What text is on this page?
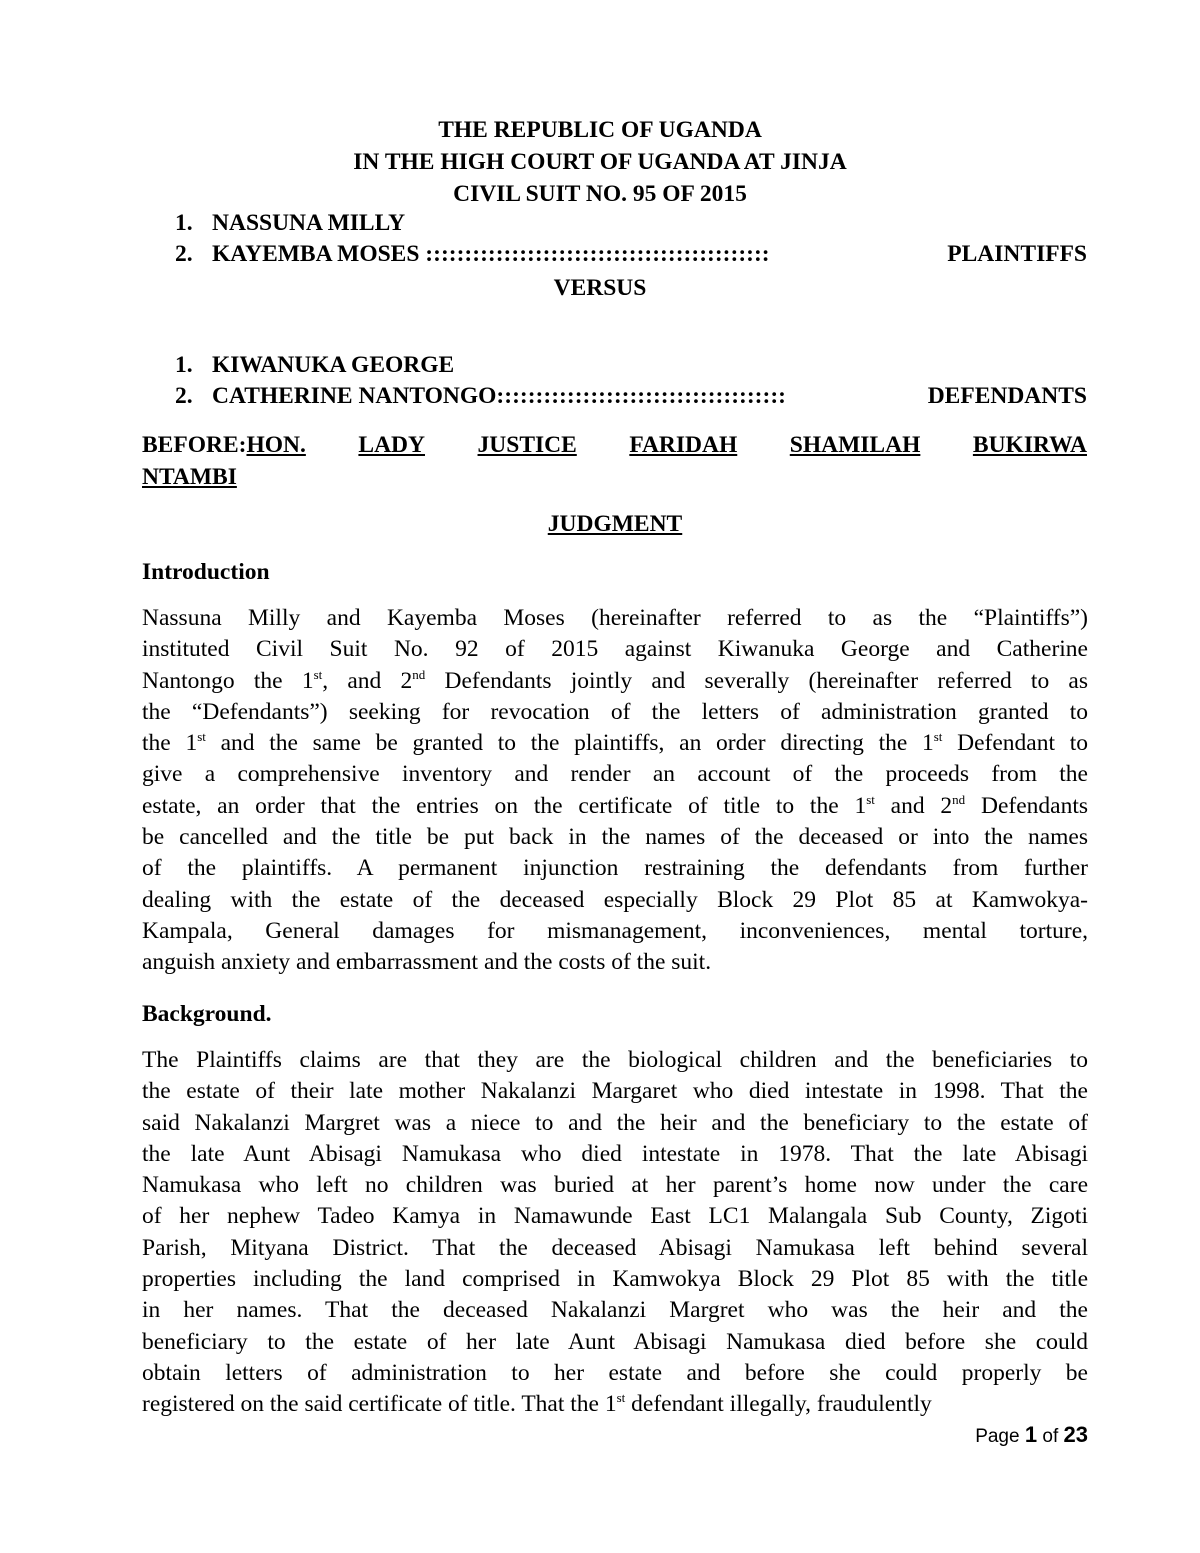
THE REPUBLIC OF UGANDA
IN THE HIGH COURT OF UGANDA AT JINJA
CIVIL SUIT NO. 95 OF 2015
1. NASSUNA MILLY
2. KAYEMBA MOSES ::::::::::::::::::::::::::::::::::::::::::::	PLAINTIFFS
VERSUS
1. KIWANUKA GEORGE
2. CATHERINE NANTONGO:::::::::::::::::::::::::::::::::::::	DEFENDANTS
BEFORE:HON. LADY JUSTICE FARIDAH SHAMILAH BUKIRWA
NTAMBI
JUDGMENT
Introduction
Nassuna Milly and Kayemba Moses (hereinafter referred to as the “Plaintiffs”)
instituted Civil Suit No. 92 of 2015 against Kiwanuka George and Catherine
Nantongo the 1st, and 2nd Defendants jointly and severally (hereinafter referred to as
the “Defendants”) seeking for revocation of the letters of administration granted to
the 1st and the same be granted to the plaintiffs, an order directing the 1st Defendant to
give a comprehensive inventory and render an account of the proceeds from the
estate, an order that the entries on the certificate of title to the 1st and 2nd Defendants
be cancelled and the title be put back in the names of the deceased or into the names
of the plaintiffs. A permanent injunction restraining the defendants from further
dealing with the estate of the deceased especially Block 29 Plot 85 at Kamwokya-
Kampala, General damages for mismanagement, inconveniences, mental torture,
anguish anxiety and embarrassment and the costs of the suit.
Background.
The Plaintiffs claims are that they are the biological children and the beneficiaries to
the estate of their late mother Nakalanzi Margaret who died intestate in 1998. That the
said Nakalanzi Margret was a niece to and the heir and the beneficiary to the estate of
the late Aunt Abisagi Namukasa who died intestate in 1978. That the late Abisagi
Namukasa who left no children was buried at her parent’s home now under the care
of her nephew Tadeo Kamya in Namawunde East LC1 Malangala Sub County, Zigoti
Parish, Mityana District. That the deceased Abisagi Namukasa left behind several
properties including the land comprised in Kamwokya Block 29 Plot 85 with the title
in her names. That the deceased Nakalanzi Margret who was the heir and the
beneficiary to the estate of her late Aunt Abisagi Namukasa died before she could
obtain letters of administration to her estate and before she could properly be
registered on the said certificate of title. That the 1st defendant illegally, fraudulently
Page 1 of 23
